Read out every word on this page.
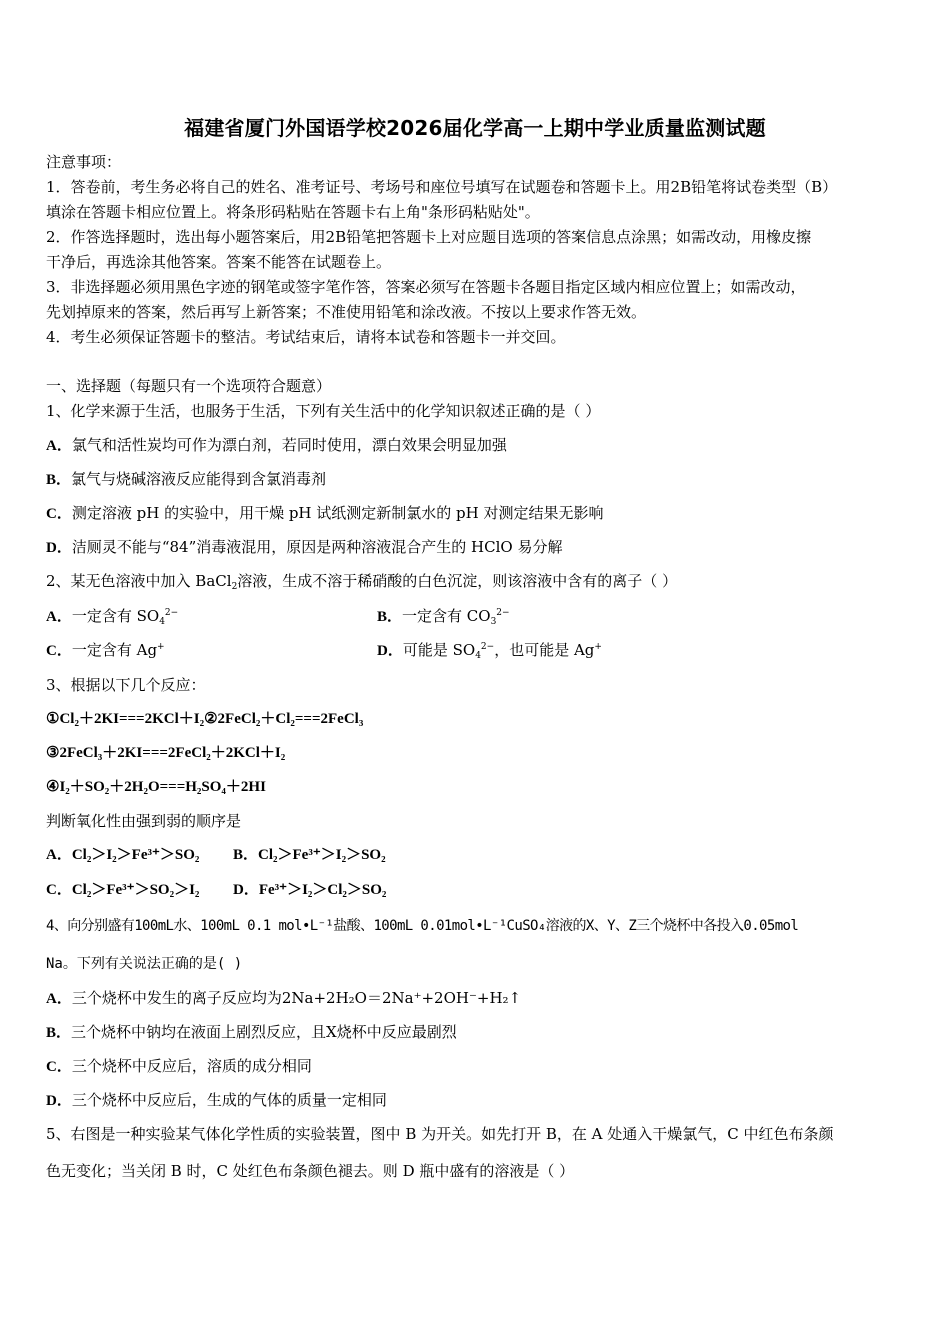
福建省厦门外国语学校2026届化学高一上期中学业质量监测试题
注意事项：
1．答卷前，考生务必将自己的姓名、准考证号、考场号和座位号填写在试题卷和答题卡上。用2B铅笔将试卷类型（B）
填涂在答题卡相应位置上。将条形码粘贴在答题卡右上角"条形码粘贴处"。
2．作答选择题时，选出每小题答案后，用2B铅笔把答题卡上对应题目选项的答案信息点涂黑；如需改动，用橡皮擦
干净后，再选涂其他答案。答案不能答在试题卷上。
3．非选择题必须用黑色字迹的钢笔或签字笔作答，答案必须写在答题卡各题目指定区域内相应位置上；如需改动，
先划掉原来的答案，然后再写上新答案；不准使用铅笔和涂改液。不按以上要求作答无效。
4．考生必须保证答题卡的整洁。考试结束后，请将本试卷和答题卡一并交回。
一、选择题（每题只有一个选项符合题意）
1、化学来源于生活，也服务于生活，下列有关生活中的化学知识叙述正确的是（ ）
A．氯气和活性炭均可作为漂白剂，若同时使用，漂白效果会明显加强
B．氯气与烧碱溶液反应能得到含氯消毒剂
C．测定溶液 pH 的实验中，用干燥 pH 试纸测定新制氯水的 pH 对测定结果无影响
D．洁厕灵不能与“84”消毒液混用，原因是两种溶液混合产生的 HClO 易分解
2、某无色溶液中加入 BaCl$_2$溶液，生成不溶于稀硝酸的白色沉淀，则该溶液中含有的离子（ ）
A．一定含有 $SO_4^{2-}$	B．一定含有 $CO_3^{2-}$
C．一定含有 Ag+	D．可能是 $SO_4^{2-}$，也可能是 Ag+
3、根据以下几个反应：
①Cl₂＋2KI===2KCl＋I₂②2FeCl₂＋Cl₂===2FeCl₃
③2FeCl₃＋2KI===2FeCl₂＋2KCl＋I₂
④I₂＋SO₂＋2H₂O===H₂SO₄＋2HI
判断氧化性由强到弱的顺序是
A．Cl₂＞I₂＞Fe³⁺＞SO₂ B．Cl₂＞Fe³⁺＞I₂＞SO₂
C．Cl₂＞Fe³⁺＞SO₂＞I₂ D．Fe³⁺＞I₂＞Cl₂＞SO₂
4、向分别盛有100mL水、100mL 0.1 mol•L⁻¹盐酸、100mL 0.01mol•L⁻¹CuSO₄溶液的X、Y、Z三个烧杯中各投入0.05mol
Na。下列有关说法正确的是( )
A．三个烧杯中发生的离子反应均为2Na+2H₂O＝2Na⁺+2OH⁻+H₂↑
B．三个烧杯中钠均在液面上剧烈反应，且X烧杯中反应最剧烈
C．三个烧杯中反应后，溶质的成分相同
D．三个烧杯中反应后，生成的气体的质量一定相同
5、右图是一种实验某气体化学性质的实验装置，图中 B 为开关。如先打开 B，在 A 处通入干燥氯气，C 中红色布条颜
色无变化；当关闭 B 时，C 处红色布条颜色褪去。则 D 瓶中盛有的溶液是（ ）
